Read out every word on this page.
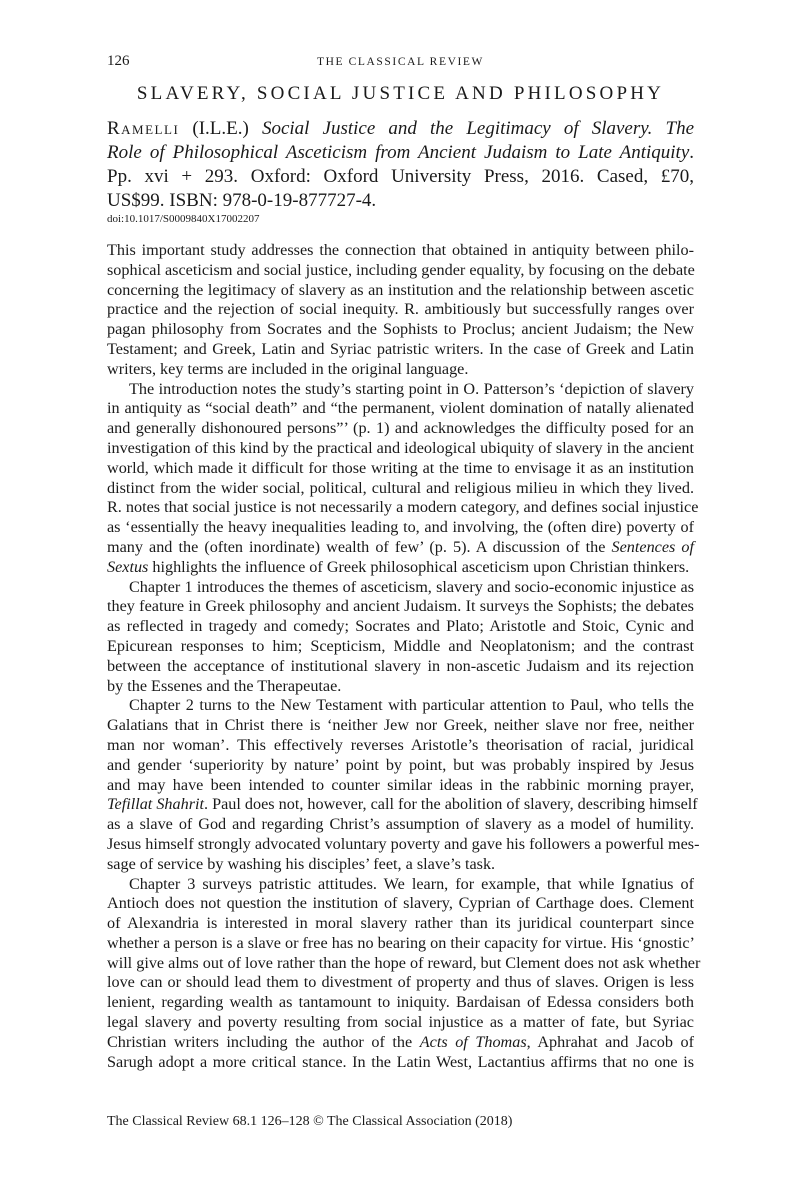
126	THE CLASSICAL REVIEW
SLAVERY, SOCIAL JUSTICE AND PHILOSOPHY
Ramelli (I.L.E.) Social Justice and the Legitimacy of Slavery. The
Role of Philosophical Asceticism from Ancient Judaism to Late Antiquity.
Pp. xvi + 293. Oxford: Oxford University Press, 2016. Cased, £70,
US$99. ISBN: 978-0-19-877727-4.
doi:10.1017/S0009840X17002207
This important study addresses the connection that obtained in antiquity between philo-
sophical asceticism and social justice, including gender equality, by focusing on the debate
concerning the legitimacy of slavery as an institution and the relationship between ascetic
practice and the rejection of social inequity. R. ambitiously but successfully ranges over
pagan philosophy from Socrates and the Sophists to Proclus; ancient Judaism; the New
Testament; and Greek, Latin and Syriac patristic writers. In the case of Greek and Latin
writers, key terms are included in the original language.
The introduction notes the study’s starting point in O. Patterson’s ‘depiction of slavery
in antiquity as “social death” and “the permanent, violent domination of natally alienated
and generally dishonoured persons”’ (p. 1) and acknowledges the difficulty posed for an
investigation of this kind by the practical and ideological ubiquity of slavery in the ancient
world, which made it difficult for those writing at the time to envisage it as an institution
distinct from the wider social, political, cultural and religious milieu in which they lived.
R. notes that social justice is not necessarily a modern category, and defines social injustice
as ‘essentially the heavy inequalities leading to, and involving, the (often dire) poverty of
many and the (often inordinate) wealth of few’ (p. 5). A discussion of the Sentences of
Sextus highlights the influence of Greek philosophical asceticism upon Christian thinkers.
Chapter 1 introduces the themes of asceticism, slavery and socio-economic injustice as
they feature in Greek philosophy and ancient Judaism. It surveys the Sophists; the debates
as reflected in tragedy and comedy; Socrates and Plato; Aristotle and Stoic, Cynic and
Epicurean responses to him; Scepticism, Middle and Neoplatonism; and the contrast
between the acceptance of institutional slavery in non-ascetic Judaism and its rejection
by the Essenes and the Therapeutae.
Chapter 2 turns to the New Testament with particular attention to Paul, who tells the
Galatians that in Christ there is ‘neither Jew nor Greek, neither slave nor free, neither
man nor woman’. This effectively reverses Aristotle’s theorisation of racial, juridical
and gender ‘superiority by nature’ point by point, but was probably inspired by Jesus
and may have been intended to counter similar ideas in the rabbinic morning prayer,
Tefillat Shahrit. Paul does not, however, call for the abolition of slavery, describing himself
as a slave of God and regarding Christ’s assumption of slavery as a model of humility.
Jesus himself strongly advocated voluntary poverty and gave his followers a powerful mes-
sage of service by washing his disciples’ feet, a slave’s task.
Chapter 3 surveys patristic attitudes. We learn, for example, that while Ignatius of
Antioch does not question the institution of slavery, Cyprian of Carthage does. Clement
of Alexandria is interested in moral slavery rather than its juridical counterpart since
whether a person is a slave or free has no bearing on their capacity for virtue. His ‘gnostic’
will give alms out of love rather than the hope of reward, but Clement does not ask whether
love can or should lead them to divestment of property and thus of slaves. Origen is less
lenient, regarding wealth as tantamount to iniquity. Bardaisan of Edessa considers both
legal slavery and poverty resulting from social injustice as a matter of fate, but Syriac
Christian writers including the author of the Acts of Thomas, Aphrahat and Jacob of
Sarugh adopt a more critical stance. In the Latin West, Lactantius affirms that no one is
The Classical Review 68.1 126–128 © The Classical Association (2018)
